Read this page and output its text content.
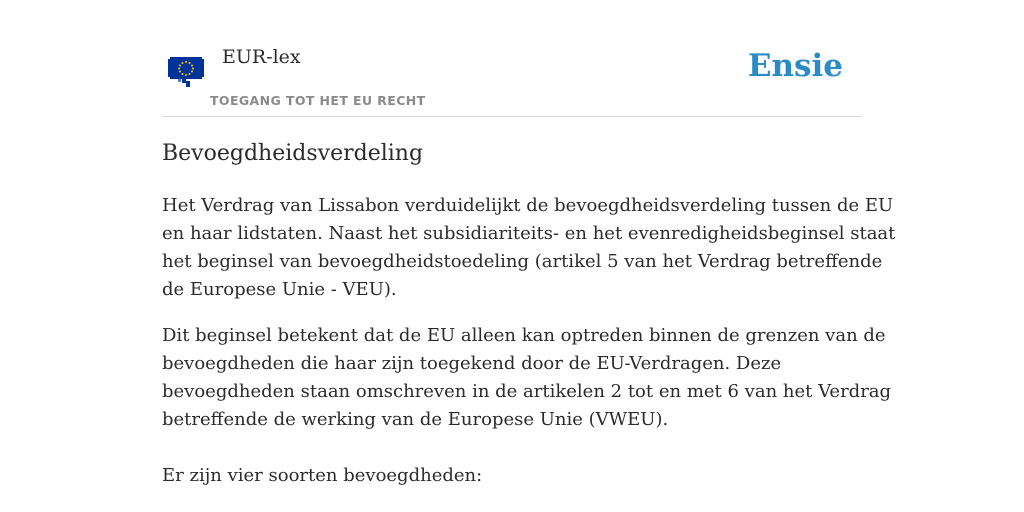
EUR-lex
TOEGANG TOT HET EU RECHT
Ensie
Bevoegdheidsverdeling

Het Verdrag van Lissabon verduidelijkt de bevoegdheidsverdeling tussen de EU
en haar lidstaten. Naast het subsidiariteits- en het evenredigheidsbeginsel staat
het beginsel van bevoegdheidstoedeling (artikel 5 van het Verdrag betreffende
de Europese Unie - VEU).

Dit beginsel betekent dat de EU alleen kan optreden binnen de grenzen van de
bevoegdheden die haar zijn toegekend door de EU-Verdragen. Deze
bevoegdheden staan omschreven in de artikelen 2 tot en met 6 van het Verdrag
betreffende de werking van de Europese Unie (VWEU).

Er zijn vier soorten bevoegdheden:
